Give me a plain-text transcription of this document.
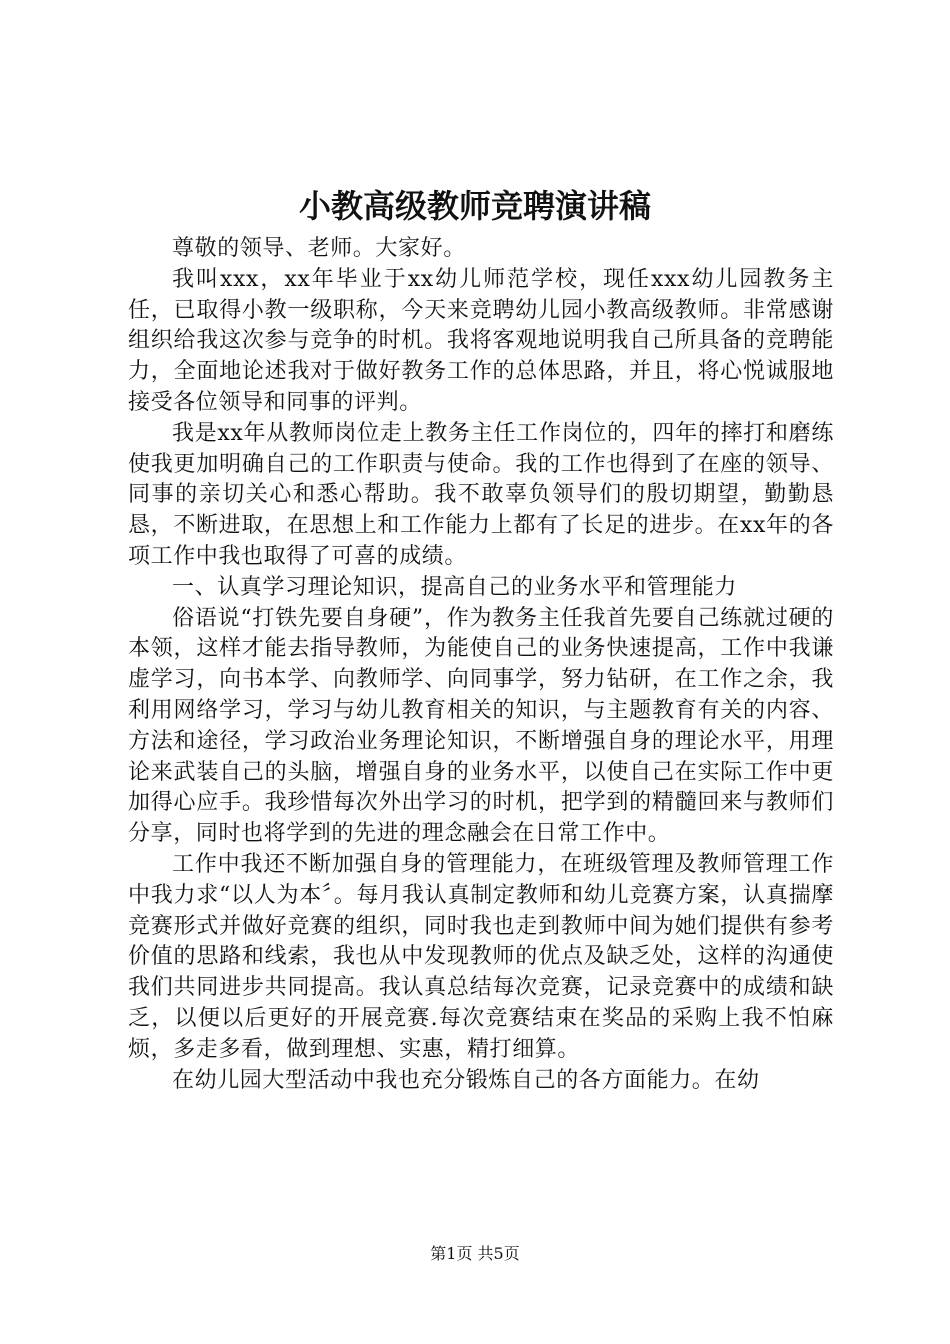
小教高级教师竞聘演讲稿

尊敬的领导、老师。大家好。

我叫xxx，xx年毕业于xx幼儿师范学校，现任xxx幼儿园教务主任，已取得小教一级职称，今天来竞聘幼儿园小教高级教师。非常感谢组织给我这次参与竞争的时机。我将客观地说明我自己所具备的竞聘能力，全面地论述我对于做好教务工作的总体思路，并且，将心悦诚服地接受各位领导和同事的评判。

我是xx年从教师岗位走上教务主任工作岗位的，四年的摔打和磨练使我更加明确自己的工作职责与使命。我的工作也得到了在座的领导、同事的亲切关心和悉心帮助。我不敢辜负领导们的殷切期望，勤勤恳恳，不断进取，在思想上和工作能力上都有了长足的进步。在xx年的各项工作中我也取得了可喜的成绩。

一、认真学习理论知识，提高自己的业务水平和管理能力

俗语说“打铁先要自身硬”，作为教务主任我首先要自己练就过硬的本领，这样才能去指导教师，为能使自己的业务快速提高，工作中我谦虚学习，向书本学、向教师学、向同事学，努力钻研，在工作之余，我利用网络学习，学习与幼儿教育相关的知识，与主题教育有关的内容、方法和途径，学习政治业务理论知识，不断增强自身的理论水平，用理论来武装自己的头脑，增强自身的业务水平，以使自己在实际工作中更加得心应手。我珍惜每次外出学习的时机，把学到的精髓回来与教师们分享，同时也将学到的先进的理念融会在日常工作中。

工作中我还不断加强自身的管理能力，在班级管理及教师管理工作中我力求“以人为本〞。每月我认真制定教师和幼儿竞赛方案，认真揣摩竞赛形式并做好竞赛的组织，同时我也走到教师中间为她们提供有参考价值的思路和线索，我也从中发现教师的优点及缺乏处，这样的沟通使我们共同进步共同提高。我认真总结每次竞赛，记录竞赛中的成绩和缺乏，以便以后更好的开展竞赛.每次竞赛结束在奖品的采购上我不怕麻烦，多走多看，做到理想、实惠，精打细算。

在幼儿园大型活动中我也充分锻炼自己的各方面能力。在幼

第1页 共5页
